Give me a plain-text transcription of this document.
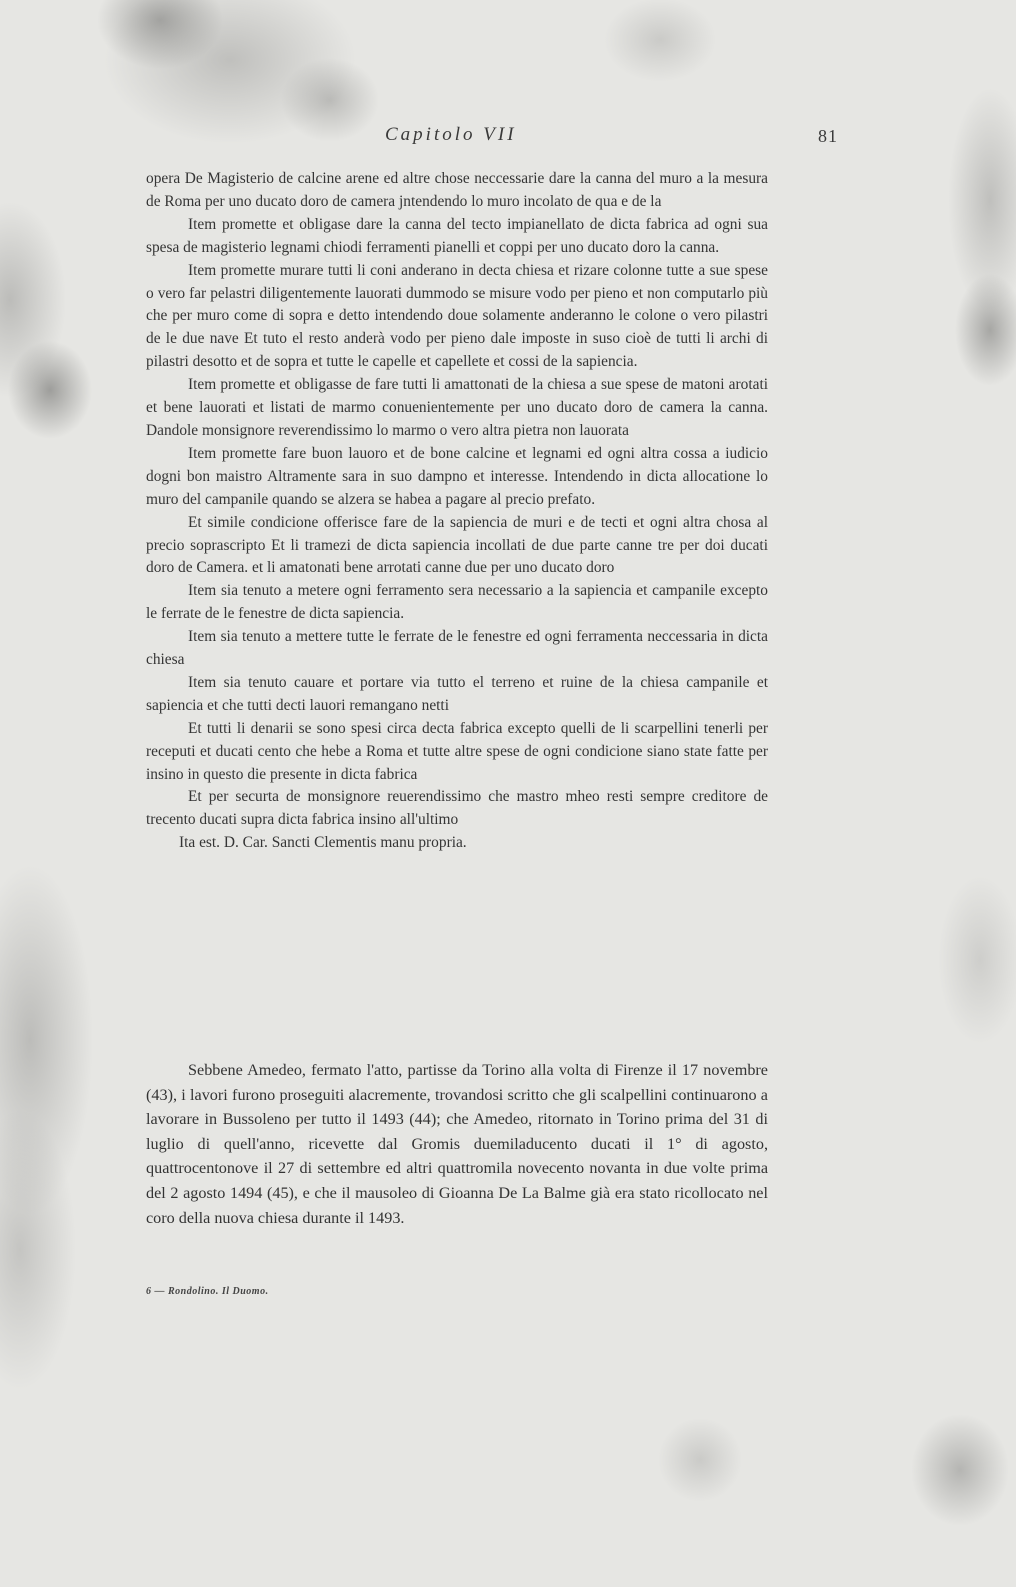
Capitolo VII	81

opera De Magisterio de calcine arene ed altre chose neccessarie dare la canna del muro a la mesura de Roma per uno ducato doro de camera jntendendo lo muro incolato de qua e de la

Item promette et obligase dare la canna del tecto impianellato de dicta fabrica ad ogni sua spesa de magisterio legnami chiodi ferramenti pianelli et coppi per uno ducato doro la canna.

Item promette murare tutti li coni anderano in decta chiesa et rizare colonne tutte a sue spese o vero far pelastri diligentemente lauorati dummodo se misure vodo per pieno et non computarlo più che per muro come di sopra e detto intendendo doue solamente anderanno le colone o vero pilastri de le due nave Et tuto el resto anderà vodo per pieno dale imposte in suso cioè de tutti li archi di pilastri desotto et de sopra et tutte le capelle et capellete et cossi de la sapiencia.

Item promette et obligasse de fare tutti li amattonati de la chiesa a sue spese de matoni arotati et bene lauorati et listati de marmo conuenientemente per uno ducato doro de camera la canna. Dandole monsignore reverendissimo lo marmo o vero altra pietra non lauorata

Item promette fare buon lauoro et de bone calcine et legnami ed ogni altra cossa a iudicio dogni bon maistro Altramente sara in suo dampno et interesse. Intendendo in dicta allocatione lo muro del campanile quando se alzera se habea a pagare al precio prefato.

Et simile condicione offerisce fare de la sapiencia de muri e de tecti et ogni altra chosa al precio soprascripto Et li tramezi de dicta sapiencia incollati de due parte canne tre per doi ducati doro de Camera. et li amatonati bene arrotati canne due per uno ducato doro

Item sia tenuto a metere ogni ferramento sera necessario a la sapiencia et campanile excepto le ferrate de le fenestre de dicta sapiencia.

Item sia tenuto a mettere tutte le ferrate de le fenestre ed ogni ferramenta neccessaria in dicta chiesa

Item sia tenuto cauare et portare via tutto el terreno et ruine de la chiesa campanile et sapiencia et che tutti decti lauori remangano netti

Et tutti li denarii se sono spesi circa decta fabrica excepto quelli de li scarpellini tenerli per receputi et ducati cento che hebe a Roma et tutte altre spese de ogni condicione siano state fatte per insino in questo die presente in dicta fabrica

Et per securta de monsignore reuerendissimo che mastro mheo resti sempre creditore de trecento ducati supra dicta fabrica insino all'ultimo

Ita est. D. Car. Sancti Clementis manu propria.

Sebbene Amedeo, fermato l'atto, partisse da Torino alla volta di Firenze il 17 novembre (43), i lavori furono proseguiti alacremente, trovandosi scritto che gli scalpellini continuarono a lavorare in Bussoleno per tutto il 1493 (44); che Amedeo, ritornato in Torino prima del 31 di luglio di quell'anno, ricevette dal Gromis duemiladucento ducati il 1° di agosto, quattrocentonove il 27 di settembre ed altri quattromila novecento novanta in due volte prima del 2 agosto 1494 (45), e che il mausoleo di Gioanna De La Balme già era stato ricollocato nel coro della nuova chiesa durante il 1493.

6 — Rondolino. Il Duomo.
